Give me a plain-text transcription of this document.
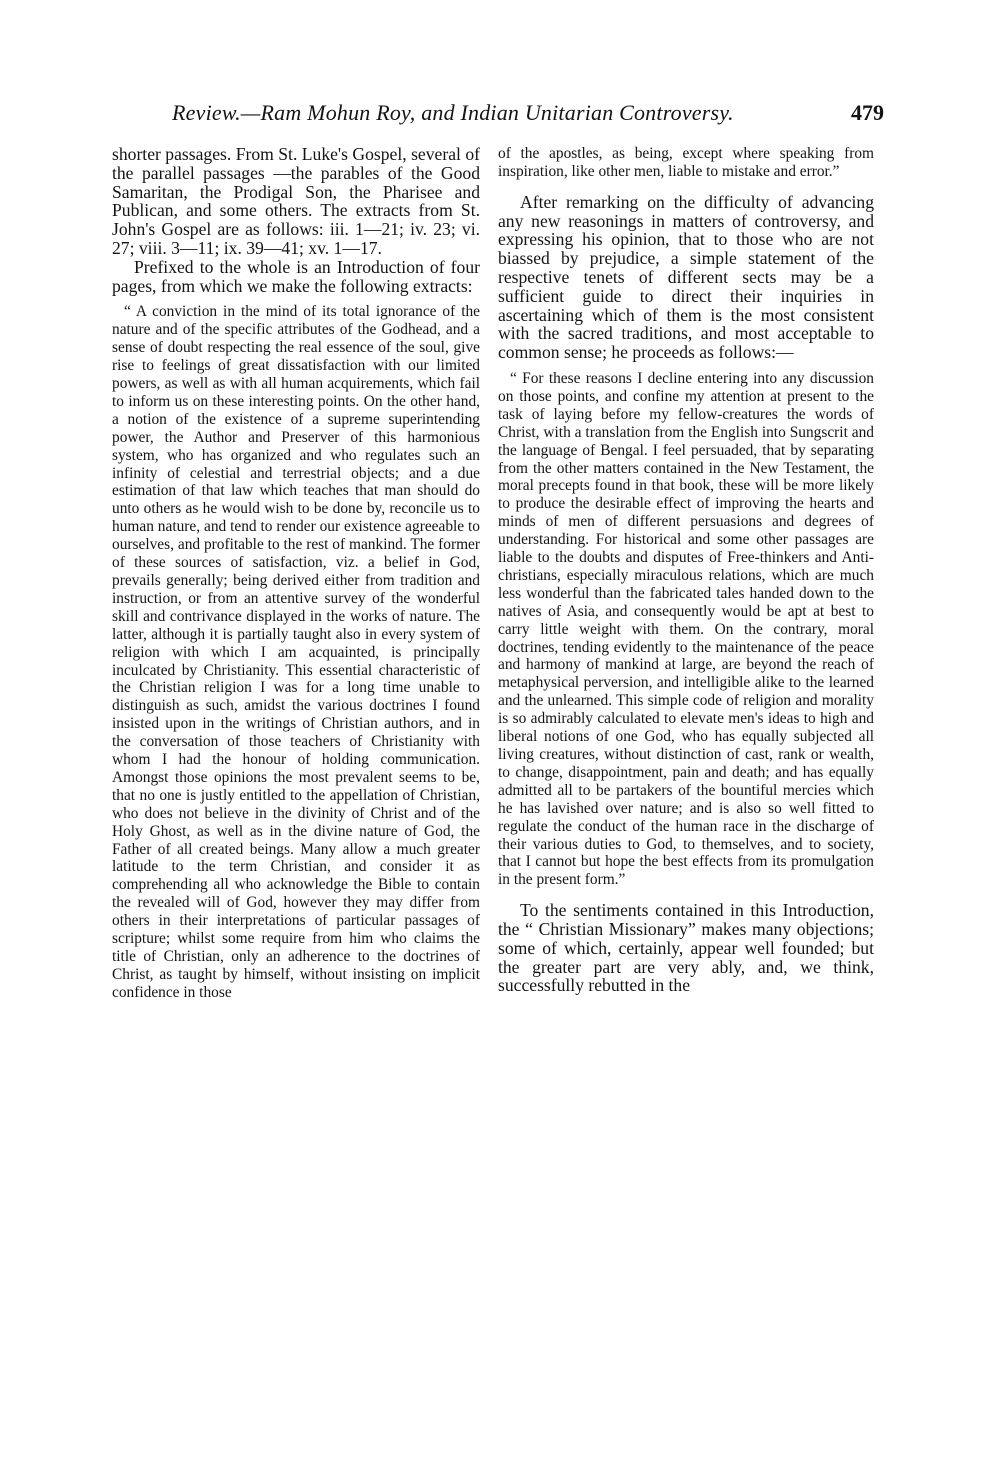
Review.—Ram Mohun Roy, and Indian Unitarian Controversy.	479

shorter passages. From St. Luke's Gospel, several of the parallel passages —the parables of the Good Samaritan, the Prodigal Son, the Pharisee and Publican, and some others. The extracts from St. John's Gospel are as follows: iii. 1—21; iv. 23; vi. 27; viii. 3—11; ix. 39—41; xv. 1—17.

Prefixed to the whole is an Introduction of four pages, from which we make the following extracts:

“ A conviction in the mind of its total ignorance of the nature and of the specific attributes of the Godhead, and a sense of doubt respecting the real essence of the soul, give rise to feelings of great dissatisfaction with our limited powers, as well as with all human acquirements, which fail to inform us on these interesting points. On the other hand, a notion of the existence of a supreme superintending power, the Author and Preserver of this harmonious system, who has organized and who regulates such an infinity of celestial and terrestrial objects; and a due estimation of that law which teaches that man should do unto others as he would wish to be done by, reconcile us to human nature, and tend to render our existence agreeable to ourselves, and profitable to the rest of mankind. The former of these sources of satisfaction, viz. a belief in God, prevails generally; being derived either from tradition and instruction, or from an attentive survey of the wonderful skill and contrivance displayed in the works of nature. The latter, although it is partially taught also in every system of religion with which I am acquainted, is principally inculcated by Christianity. This essential characteristic of the Christian religion I was for a long time unable to distinguish as such, amidst the various doctrines I found insisted upon in the writings of Christian authors, and in the conversation of those teachers of Christianity with whom I had the honour of holding communication. Amongst those opinions the most prevalent seems to be, that no one is justly entitled to the appellation of Christian, who does not believe in the divinity of Christ and of the Holy Ghost, as well as in the divine nature of God, the Father of all created beings. Many allow a much greater latitude to the term Christian, and consider it as comprehending all who acknowledge the Bible to contain the revealed will of God, however they may differ from others in their interpretations of particular passages of scripture; whilst some require from him who claims the title of Christian, only an adherence to the doctrines of Christ, as taught by himself, without insisting on implicit confidence in those

of the apostles, as being, except where speaking from inspiration, like other men, liable to mistake and error.”

After remarking on the difficulty of advancing any new reasonings in matters of controversy, and expressing his opinion, that to those who are not biassed by prejudice, a simple statement of the respective tenets of different sects may be a sufficient guide to direct their inquiries in ascertaining which of them is the most consistent with the sacred traditions, and most acceptable to common sense; he proceeds as follows:—

“ For these reasons I decline entering into any discussion on those points, and confine my attention at present to the task of laying before my fellow-creatures the words of Christ, with a translation from the English into Sungscrit and the language of Bengal. I feel persuaded, that by separating from the other matters contained in the New Testament, the moral precepts found in that book, these will be more likely to produce the desirable effect of improving the hearts and minds of men of different persuasions and degrees of understanding. For historical and some other passages are liable to the doubts and disputes of Free-thinkers and Anti-christians, especially miraculous relations, which are much less wonderful than the fabricated tales handed down to the natives of Asia, and consequently would be apt at best to carry little weight with them. On the contrary, moral doctrines, tending evidently to the maintenance of the peace and harmony of mankind at large, are beyond the reach of metaphysical perversion, and intelligible alike to the learned and the unlearned. This simple code of religion and morality is so admirably calculated to elevate men's ideas to high and liberal notions of one God, who has equally subjected all living creatures, without distinction of cast, rank or wealth, to change, disappointment, pain and death; and has equally admitted all to be partakers of the bountiful mercies which he has lavished over nature; and is also so well fitted to regulate the conduct of the human race in the discharge of their various duties to God, to themselves, and to society, that I cannot but hope the best effects from its promulgation in the present form.”

To the sentiments contained in this Introduction, the “ Christian Missionary” makes many objections; some of which, certainly, appear well founded; but the greater part are very ably, and, we think, successfully rebutted in the
